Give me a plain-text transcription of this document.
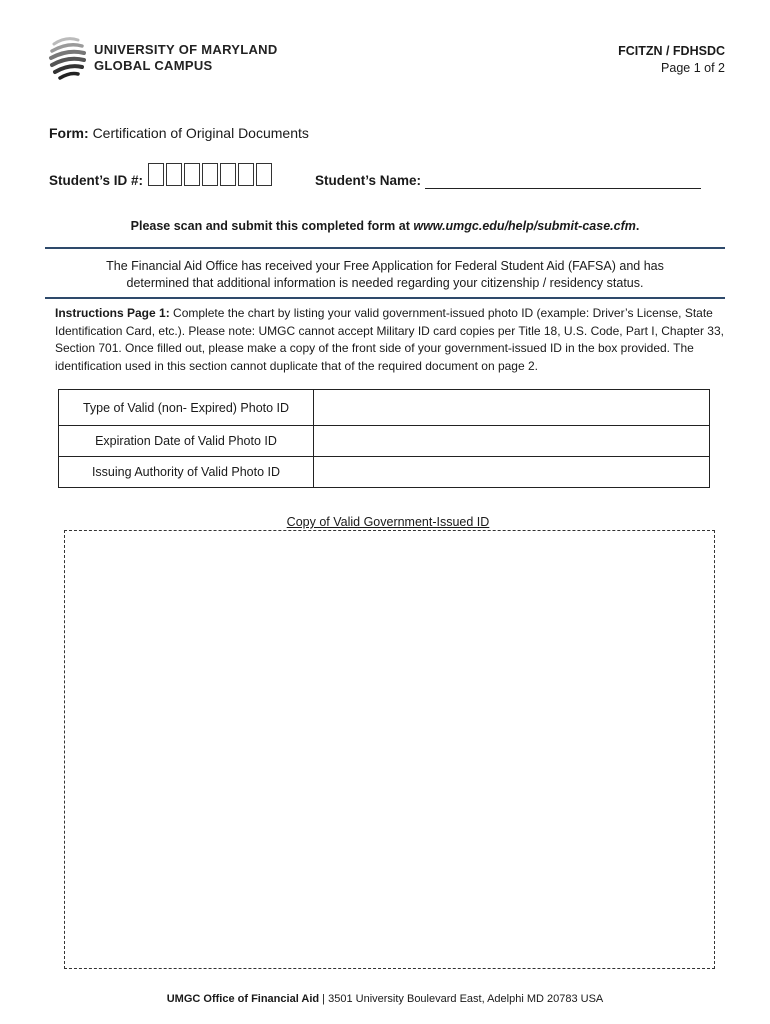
UNIVERSITY OF MARYLAND
GLOBAL CAMPUS
FCITZN / FDHSDC
Page 1 of 2
Form: Certification of Original Documents
Student’s ID #:	Student’s Name:
Please scan and submit this completed form at www.umgc.edu/help/submit-case.cfm.
The Financial Aid Office has received your Free Application for Federal Student Aid (FAFSA) and has
determined that additional information is needed regarding your citizenship / residency status.
Instructions Page 1: Complete the chart by listing your valid government-issued photo ID (example: Driver’s License, State Identification Card, etc.). Please note: UMGC cannot accept Military ID card copies per Title 18, U.S. Code, Part I, Chapter 33, Section 701. Once filled out, please make a copy of the front side of your government-issued ID in the box provided. The identification used in this section cannot duplicate that of the required document on page 2.
Type of Valid (non- Expired) Photo ID	
Expiration Date of Valid Photo ID	
Issuing Authority of Valid Photo ID	
Copy of Valid Government-Issued ID
UMGC Office of Financial Aid | 3501 University Boulevard East, Adelphi MD 20783 USA
